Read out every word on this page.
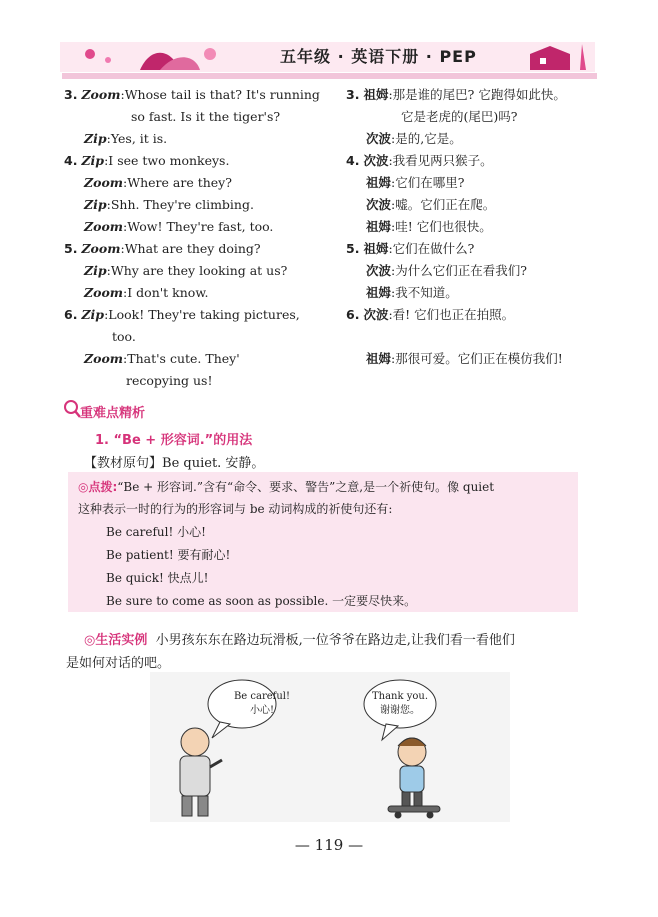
五年级 · 英语下册 · PEP
3. Zoom:Whose tail is that? It's running
so fast. Is it the tiger's?
Zip:Yes, it is.
4. Zip:I see two monkeys.
Zoom:Where are they?
Zip:Shh. They're climbing.
Zoom:Wow! They're fast, too.
5. Zoom:What are they doing?
Zip:Why are they looking at us?
Zoom:I don't know.
6. Zip:Look! They're taking pictures,
too.
Zoom:That's cute. They'
recopying us!
3. 祖姆:那是谁的尾巴? 它跑得如此快。
它是老虎的(尾巴)吗?
次波:是的,它是。
4. 次波:我看见两只猴子。
祖姆:它们在哪里?
次波:嘘。它们正在爬。
祖姆:哇! 它们也很快。
5. 祖姆:它们在做什么?
次波:为什么它们正在看我们?
祖姆:我不知道。
6. 次波:看! 它们也正在拍照。
祖姆:那很可爱。它们正在模仿我们!
重难点精析
1. “Be + 形容词.”的用法
【教材原句】Be quiet. 安静。
◎点拨:“Be + 形容词.”含有“命令、要求、警告”之意,是一个祈使句。像 quiet
这种表示一时的行为的形容词与 be 动词构成的祈使句还有:
Be careful! 小心!
Be patient! 要有耐心!
Be quick! 快点儿!
Be sure to come as soon as possible. 一定要尽快来。
◎生活实例 小男孩东东在路边玩滑板,一位爷爷在路边走,让我们看一看他们
是如何对话的吧。
Be careful!
小心!
Thank you.
谢谢您。
— 119 —
